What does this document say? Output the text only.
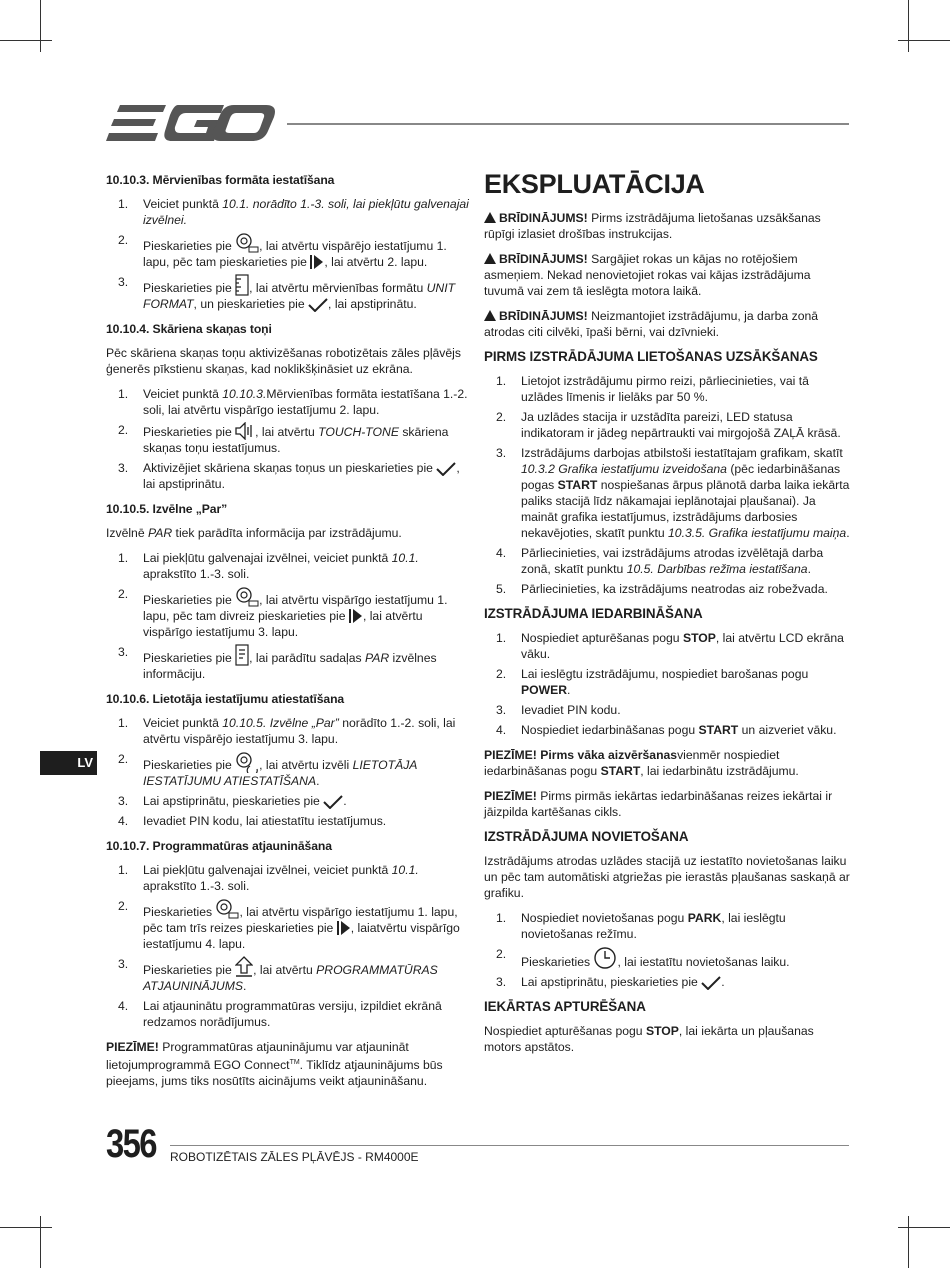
EGO
10.10.3. Mērvienības formāta iestatīšana
1. Veiciet punktā 10.1. norādīto 1.-3. soli, lai piekļūtu galvenajai izvēlnei.
2. Pieskarieties pie , lai atvērtu vispārējo iestatījumu 1. lapu, pēc tam pieskarieties pie , lai atvērtu 2. lapu.
3. Pieskarieties pie , lai atvērtu mērvienības formātu UNIT FORMAT, un pieskarieties pie , lai apstiprinātu.
10.10.4. Skāriena skaņas toņi

Pēc skāriena skaņas toņu aktivizēšanas robotizētais zāles pļāvējs ģenerēs pīkstienu skaņas, kad noklikšķināsiet uz ekrāna.

1. Veiciet punktā 10.10.3.Mērvienības formāta iestatīšana 1.-2. soli, lai atvērtu vispārīgo iestatījumu 2. lapu.
2. Pieskarieties pie , lai atvērtu TOUCH-TONE skāriena skaņas toņu iestatījumus.
3. Aktivizējiet skāriena skaņas toņus un pieskarieties pie , lai apstiprinātu.
10.10.5. Izvēlne „Par”

Izvēlnē PAR tiek parādīta informācija par izstrādājumu.

1. Lai piekļūtu galvenajai izvēlnei, veiciet punktā 10.1. aprakstīto 1.-3. soli.
2. Pieskarieties pie , lai atvērtu vispārīgo iestatījumu 1. lapu, pēc tam divreiz pieskarieties pie , lai atvērtu vispārīgo iestatījumu 3. lapu.
3. Pieskarieties pie , lai parādītu sadaļas PAR izvēlnes informāciju.
10.10.6. Lietotāja iestatījumu atiestatīšana
1. Veiciet punktā 10.10.5. Izvēlne „Par” norādīto 1.-2. soli, lai atvērtu vispārējo iestatījumu 3. lapu.
2. Pieskarieties pie , lai atvērtu izvēli LIETOTĀJA IESTATĪJUMU ATIESTATĪŠANA.
3. Lai apstiprinātu, pieskarieties pie .
4. Ievadiet PIN kodu, lai atiestatītu iestatījumus.
10.10.7. Programmatūras atjaunināšana
1. Lai piekļūtu galvenajai izvēlnei, veiciet punktā 10.1. aprakstīto 1.-3. soli.
2. Pieskarieties , lai atvērtu vispārīgo iestatījumu 1. lapu, pēc tam trīs reizes pieskarieties pie , laiatvērtu vispārīgo iestatījumu 4. lapu.
3. Pieskarieties pie , lai atvērtu PROGRAMMATŪRAS ATJAUNINĀJUMS.
4. Lai atjauninātu programmatūras versiju, izpildiet ekrānā redzamos norādījumus.

PIEZĪME! Programmatūras atjauninājumu var atjaunināt lietojumprogrammā EGO Connect™. Tiklīdz atjauninājums būs pieejams, jums tiks nosūtīts aicinājums veikt atjaunināšanu.

EKSPLUATĀCIJA

BRĪDINĀJUMS! Pirms izstrādājuma lietošanas uzsākšanas rūpīgi izlasiet drošības instrukcijas.

BRĪDINĀJUMS! Sargājiet rokas un kājas no rotējošiem asmeņiem. Nekad nenovietojiet rokas vai kājas izstrādājuma tuvumā vai zem tā ieslēgta motora laikā.

BRĪDINĀJUMS! Neizmantojiet izstrādājumu, ja darba zonā atrodas citi cilvēki, īpaši bērni, vai dzīvnieki.

PIRMS IZSTRĀDĀJUMA LIETOŠANAS UZSĀKŠANAS
1. Lietojot izstrādājumu pirmo reizi, pārliecinieties, vai tā uzlādes līmenis ir lielāks par 50 %.
2. Ja uzlādes stacija ir uzstādīta pareizi, LED statusa indikatoram ir jādeg nepārtraukti vai mirgojošā ZAĻĀ krāsā.
3. Izstrādājums darbojas atbilstoši iestatītajam grafikam, skatīt 10.3.2 Grafika iestatījumu izveidošana (pēc iedarbināšanas pogas START nospiešanas ārpus plānotā darba laika iekārta paliks stacijā līdz nākamajai ieplānotajai pļaušanai). Ja maināt grafika iestatījumus, izstrādājums darbosies nekavējoties, skatīt punktu 10.3.5. Grafika iestatījumu maiņa.
4. Pārliecinieties, vai izstrādājums atrodas izvēlētajā darba zonā, skatīt punktu 10.5. Darbības režīma iestatīšana.
5. Pārliecinieties, ka izstrādājums neatrodas aiz robežvada.
IZSTRĀDĀJUMA IEDARBINĀŠANA
1. Nospiediet apturēšanas pogu STOP, lai atvērtu LCD ekrāna vāku.
2. Lai ieslēgtu izstrādājumu, nospiediet barošanas pogu POWER.
3. Ievadiet PIN kodu.
4. Nospiediet iedarbināšanas pogu START un aizveriet vāku.

PIEZĪME! Pirms vāka aizvēršanasvienmēr nospiediet iedarbināšanas pogu START, lai iedarbinātu izstrādājumu.

PIEZĪME! Pirms pirmās iekārtas iedarbināšanas reizes iekārtai ir jāizpilda kartēšanas cikls.

IZSTRĀDĀJUMA NOVIETOŠANA

Izstrādājums atrodas uzlādes stacijā uz iestatīto novietošanas laiku un pēc tam automātiski atgriežas pie ierastās pļaušanas saskaņā ar grafiku.

1. Nospiediet novietošanas pogu PARK, lai ieslēgtu novietošanas režīmu.
2.
Pieskarieties , lai iestatītu novietošanas laiku.
3. Lai apstiprinātu, pieskarieties pie .
IEKĀRTAS APTURĒŠANA

Nospiediet apturēšanas pogu STOP, lai iekārta un pļaušanas motors apstātos.

LV
356 ROBOTIZĒTAIS ZĀLES PĻĀVĒJS - RM4000E
